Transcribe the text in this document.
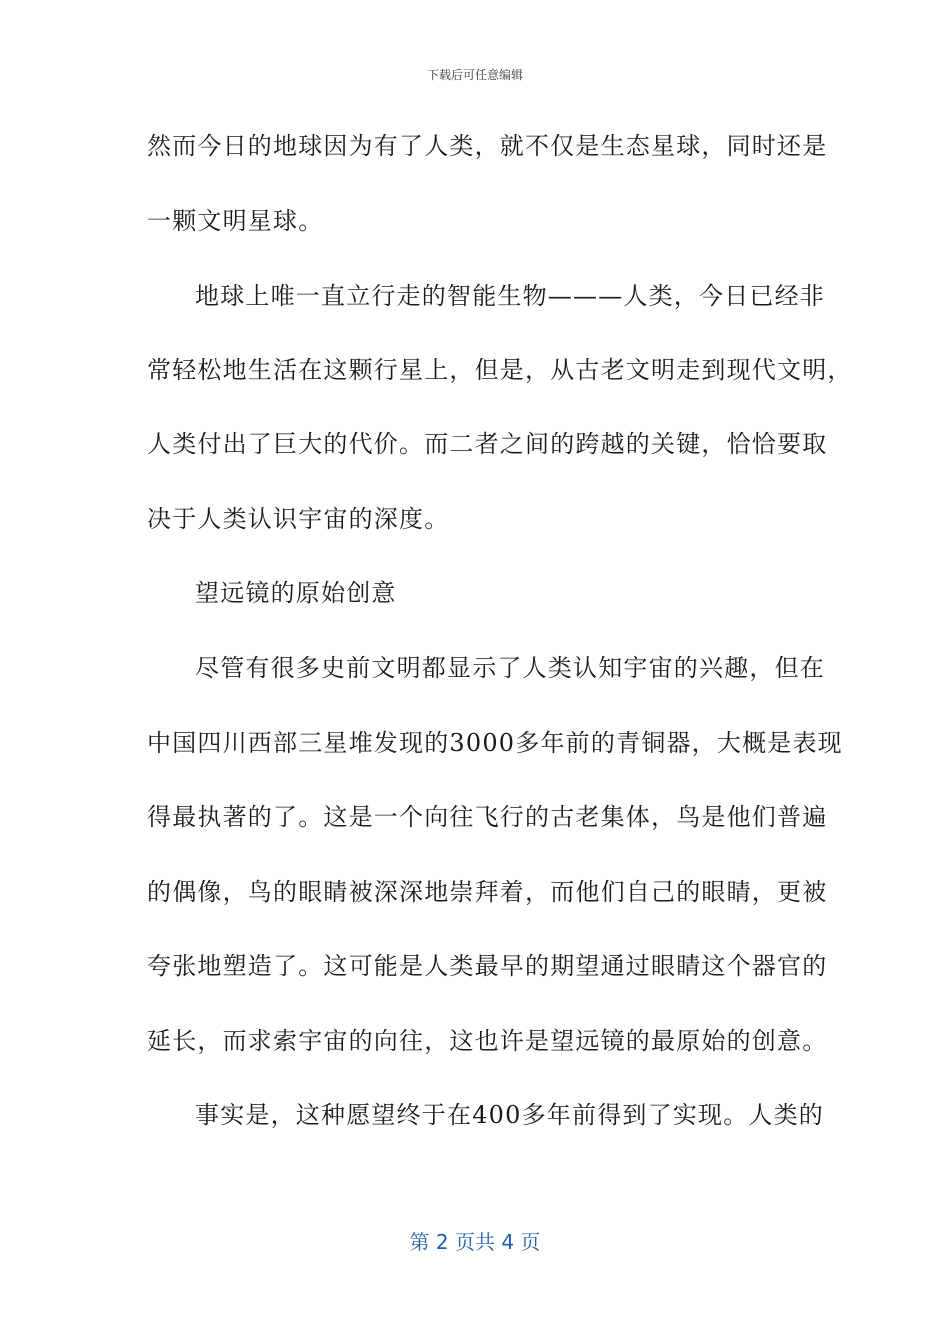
下载后可任意编辑
然而今日的地球因为有了人类，就不仅是生态星球，同时还是
一颗文明星球。
地球上唯一直立行走的智能生物———人类，今日已经非
常轻松地生活在这颗行星上，但是，从古老文明走到现代文明，
人类付出了巨大的代价。而二者之间的跨越的关键，恰恰要取
决于人类认识宇宙的深度。
望远镜的原始创意
尽管有很多史前文明都显示了人类认知宇宙的兴趣，但在
中国四川西部三星堆发现的3000多年前的青铜器，大概是表现
得最执著的了。这是一个向往飞行的古老集体，鸟是他们普遍
的偶像，鸟的眼睛被深深地崇拜着，而他们自己的眼睛，更被
夸张地塑造了。这可能是人类最早的期望通过眼睛这个器官的
延长，而求索宇宙的向往，这也许是望远镜的最原始的创意。
事实是，这种愿望终于在400多年前得到了实现。人类的
第 2 页共 4 页
